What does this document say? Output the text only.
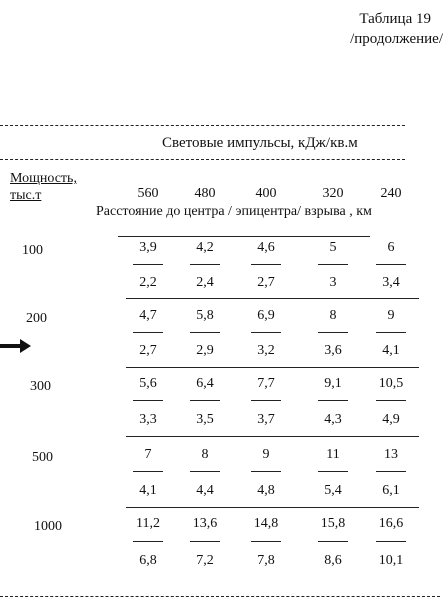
Таблица 19
/продолжение/
Световые импульсы, кДж/кв.м
Мощность,
тыс.т	560	480	400	320	240
Расстояние до центра / эпицентра/ взрыва , км
100	3,9	4,2	4,6	5	6
2,2	2,4	2,7	3	3,4
200	4,7	5,8	6,9	8	9
2,7	2,9	3,2	3,6	4,1
300	5,6	6,4	7,7	9,1	10,5
3,3	3,5	3,7	4,3	4,9
500	7	8	9	11	13
4,1	4,4	4,8	5,4	6,1
1000	11,2	13,6	14,8	15,8	16,6
6,8	7,2	7,8	8,6	10,1
